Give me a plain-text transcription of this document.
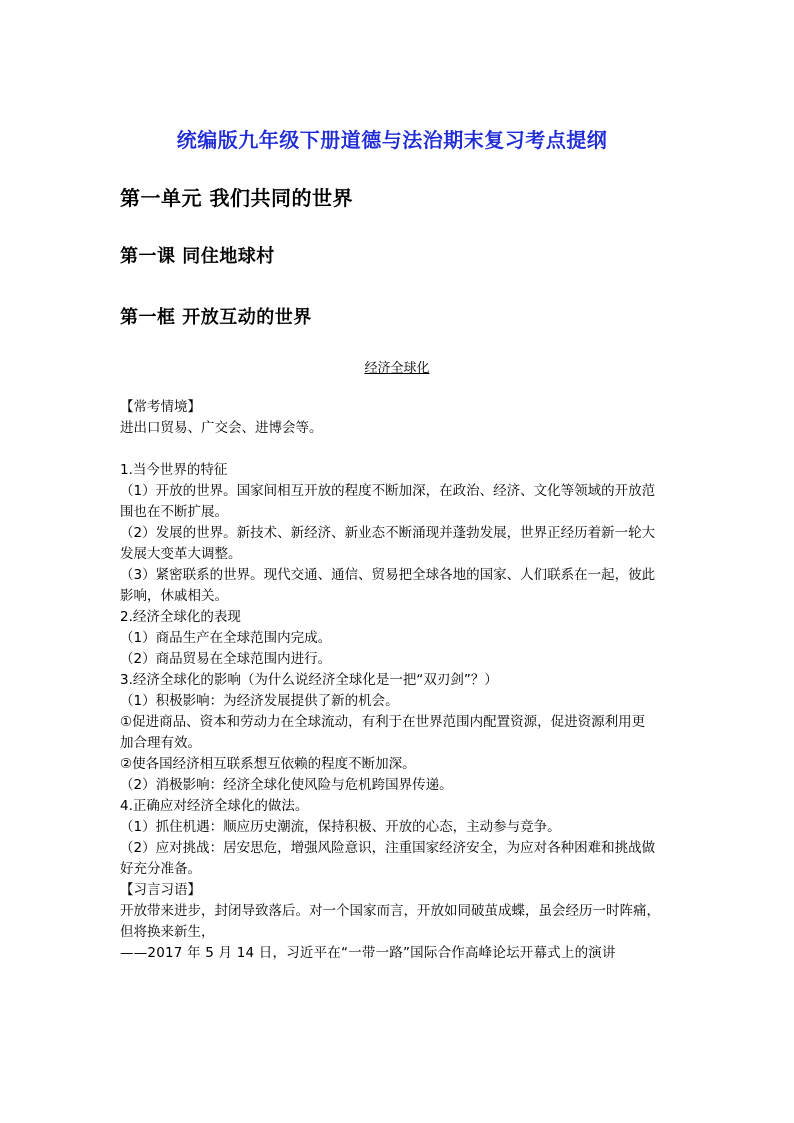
统编版九年级下册道德与法治期末复习考点提纲
第一单元 我们共同的世界
第一课 同住地球村
第一框 开放互动的世界
经济全球化
【常考情境】
进出口贸易、广交会、进博会等。
1.当今世界的特征
（1）开放的世界。国家间相互开放的程度不断加深，在政治、经济、文化等领域的开放范
围也在不断扩展。
（2）发展的世界。新技术、新经济、新业态不断涌现并蓬勃发展，世界正经历着新一轮大
发展大变革大调整。
（3）紧密联系的世界。现代交通、通信、贸易把全球各地的国家、人们联系在一起，彼此
影响，休戚相关。
2.经济全球化的表现
（1）商品生产在全球范围内完成。
（2）商品贸易在全球范围内进行。
3.经济全球化的影响（为什么说经济全球化是一把“双刃剑”？）
（1）积极影响：为经济发展提供了新的机会。
①促进商品、资本和劳动力在全球流动，有利于在世界范围内配置资源，促进资源利用更
加合理有效。
②使各国经济相互联系想互依赖的程度不断加深。
（2）消极影响：经济全球化使风险与危机跨国界传递。
4.正确应对经济全球化的做法。
（1）抓住机遇：顺应历史潮流，保持积极、开放的心态，主动参与竞争。
（2）应对挑战：居安思危，增强风险意识，注重国家经济安全，为应对各种困难和挑战做
好充分准备。
【习言习语】
开放带来进步，封闭导致落后。对一个国家而言，开放如同破茧成蝶，虽会经历一时阵痛，
但将换来新生，
——2017 年 5 月 14 日，习近平在“一带一路”国际合作高峰论坛开幕式上的演讲
